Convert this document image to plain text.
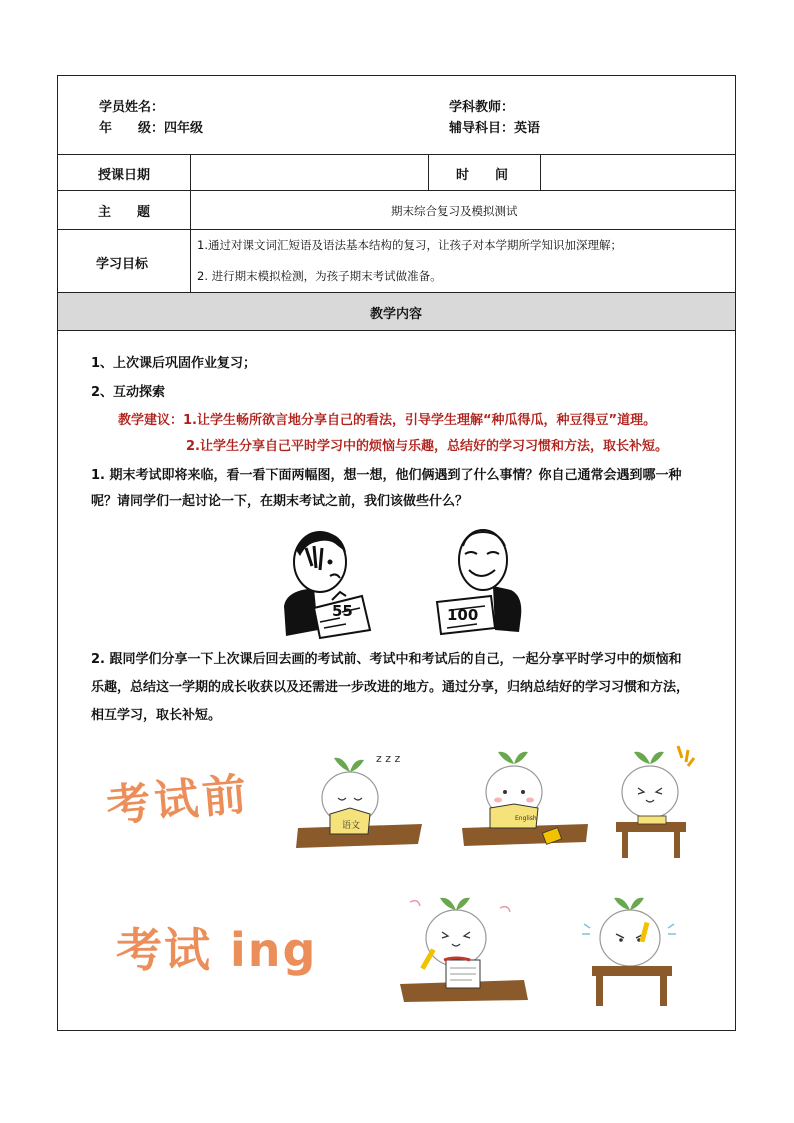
学员姓名：	学科教师：
年　　级：四年级	辅导科目：英语
授课日期	时　　间
主　　题	期末综合复习及模拟测试
学习目标
1.通过对课文词汇短语及语法基本结构的复习，让孩子对本学期所学知识加深理解；
2. 进行期末模拟检测，为孩子期末考试做准备。
教学内容
1、上次课后巩固作业复习；
2、互动探索
教学建议：1.让学生畅所欲言地分享自己的看法，引导学生理解“种瓜得瓜，种豆得豆”道理。
2.让学生分享自己平时学习中的烦恼与乐趣，总结好的学习习惯和方法，取长补短。
1. 期末考试即将来临，看一看下面两幅图，想一想，他们俩遇到了什么事情？你自己通常会遇到哪一种
呢？请同学们一起讨论一下，在期末考试之前，我们该做些什么？
55	100
2. 跟同学们分享一下上次课后回去画的考试前、考试中和考试后的自己，一起分享平时学习中的烦恼和
乐趣，总结这一学期的成长收获以及还需进一步改进的地方。通过分享，归纳总结好的学习习惯和方法，
相互学习，取长补短。
考试前
考试 ing
z z z
语文
English
